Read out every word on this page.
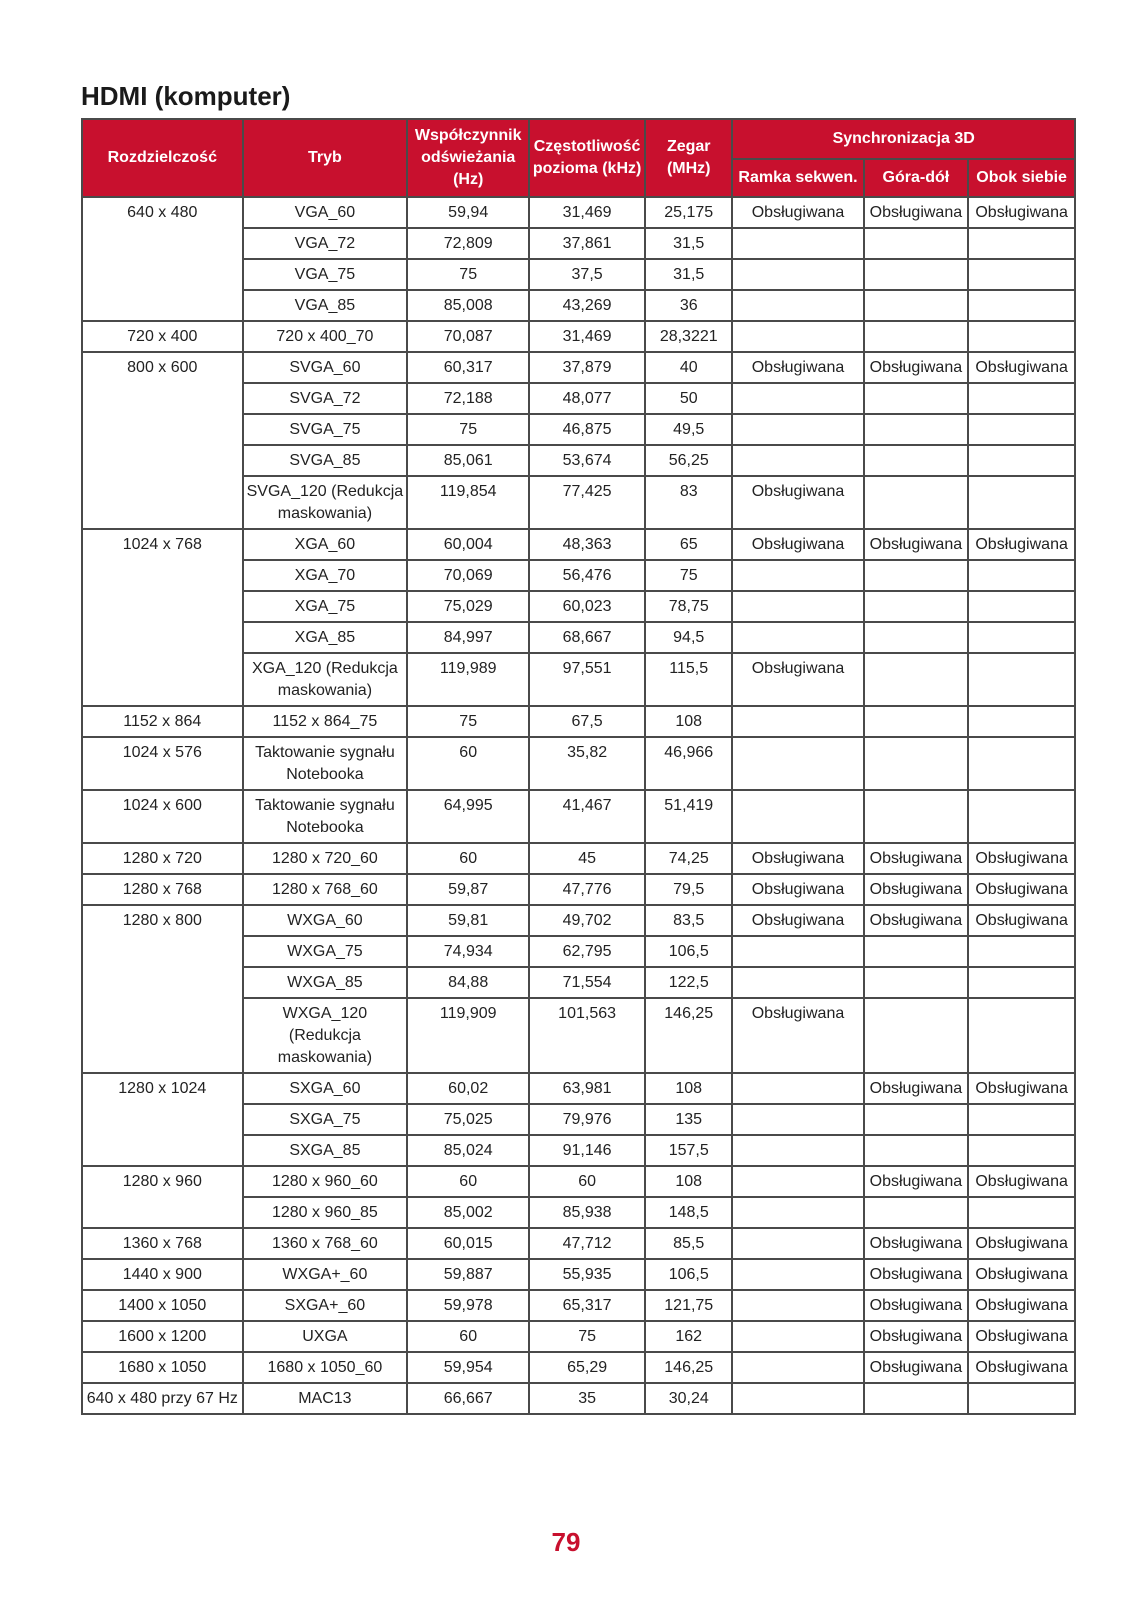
HDMI (komputer)
Rozdzielczość	Tryb	Współczynnik odświeżania (Hz)	Częstotliwość pozioma (kHz)	Zegar (MHz)	Synchronizacja 3D		
					Ramka sekwen.	Góra-dół	Obok siebie
640 x 480	VGA_60	59,94	31,469	25,175	Obsługiwana	Obsługiwana	Obsługiwana
	VGA_72	72,809	37,861	31,5			
	VGA_75	75	37,5	31,5			
	VGA_85	85,008	43,269	36			
720 x 400	720 x 400_70	70,087	31,469	28,3221			
800 x 600	SVGA_60	60,317	37,879	40	Obsługiwana	Obsługiwana	Obsługiwana
	SVGA_72	72,188	48,077	50			
	SVGA_75	75	46,875	49,5			
	SVGA_85	85,061	53,674	56,25			
	SVGA_120 (Redukcja maskowania)	119,854	77,425	83	Obsługiwana		
1024 x 768	XGA_60	60,004	48,363	65	Obsługiwana	Obsługiwana	Obsługiwana
	XGA_70	70,069	56,476	75			
	XGA_75	75,029	60,023	78,75			
	XGA_85	84,997	68,667	94,5			
	XGA_120 (Redukcja maskowania)	119,989	97,551	115,5	Obsługiwana		
1152 x 864	1152 x 864_75	75	67,5	108			
1024 x 576	Taktowanie sygnału Notebooka	60	35,82	46,966			
1024 x 600	Taktowanie sygnału Notebooka	64,995	41,467	51,419			
1280 x 720	1280 x 720_60	60	45	74,25	Obsługiwana	Obsługiwana	Obsługiwana
1280 x 768	1280 x 768_60	59,87	47,776	79,5	Obsługiwana	Obsługiwana	Obsługiwana
1280 x 800	WXGA_60	59,81	49,702	83,5	Obsługiwana	Obsługiwana	Obsługiwana
	WXGA_75	74,934	62,795	106,5			
	WXGA_85	84,88	71,554	122,5			
	WXGA_120 (Redukcja maskowania)	119,909	101,563	146,25	Obsługiwana		
1280 x 1024	SXGA_60	60,02	63,981	108		Obsługiwana	Obsługiwana
	SXGA_75	75,025	79,976	135			
	SXGA_85	85,024	91,146	157,5			
1280 x 960	1280 x 960_60	60	60	108		Obsługiwana	Obsługiwana
	1280 x 960_85	85,002	85,938	148,5			
1360 x 768	1360 x 768_60	60,015	47,712	85,5		Obsługiwana	Obsługiwana
1440 x 900	WXGA+_60	59,887	55,935	106,5		Obsługiwana	Obsługiwana
1400 x 1050	SXGA+_60	59,978	65,317	121,75		Obsługiwana	Obsługiwana
1600 x 1200	UXGA	60	75	162		Obsługiwana	Obsługiwana
1680 x 1050	1680 x 1050_60	59,954	65,29	146,25		Obsługiwana	Obsługiwana
640 x 480 przy 67 Hz	MAC13	66,667	35	30,24			
79
